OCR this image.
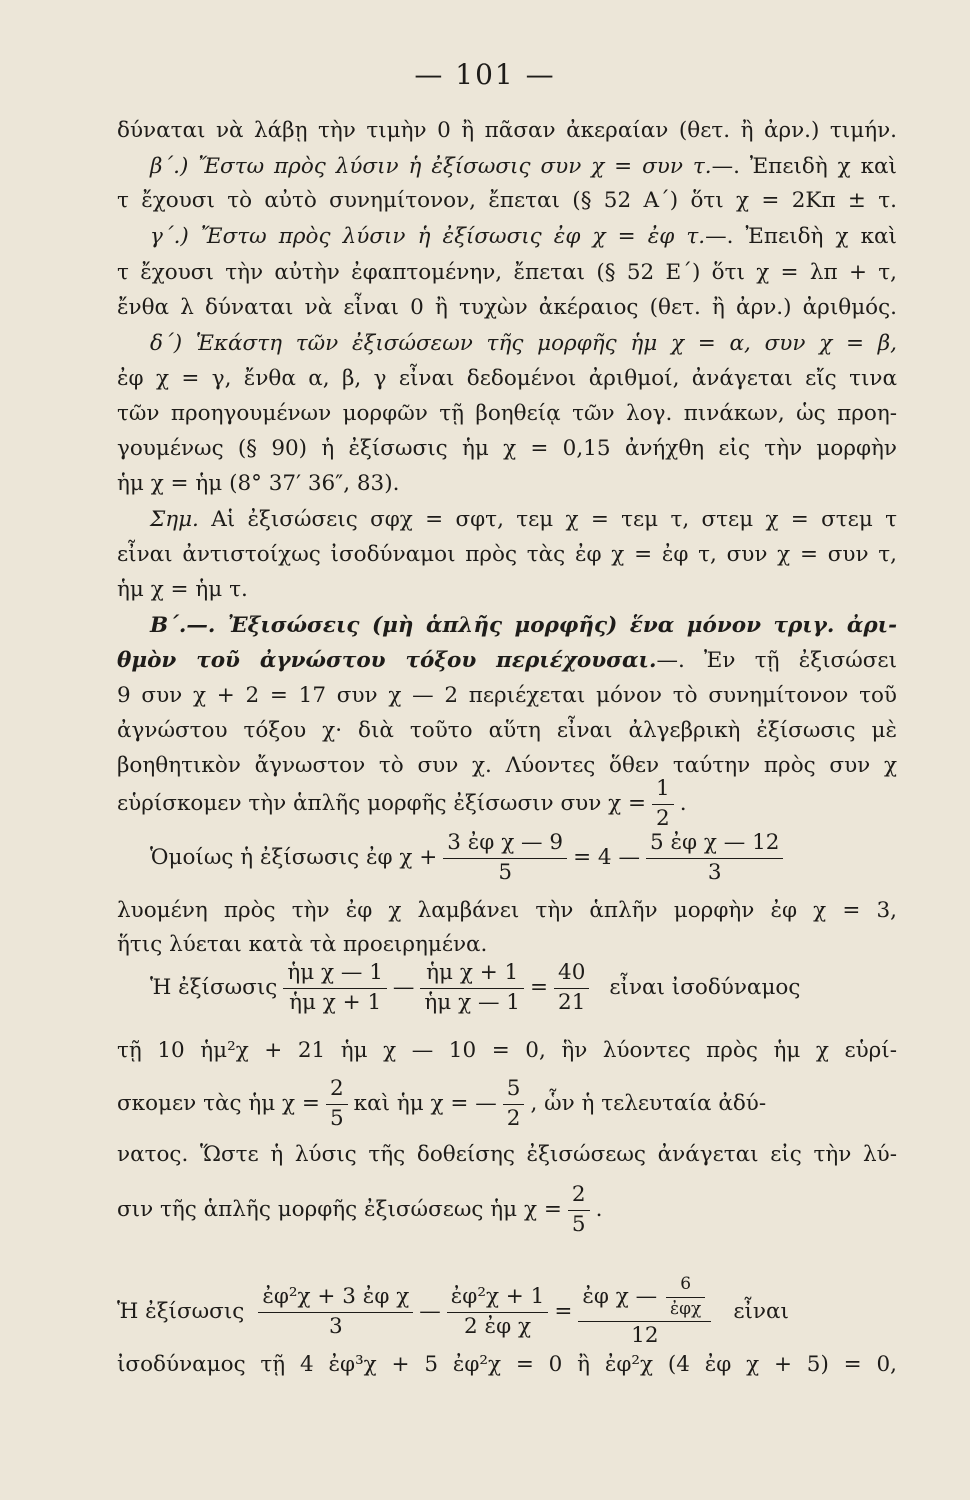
— 101 —
δύναται νὰ λάβῃ τὴν τιμὴν 0 ἢ πᾶσαν ἀκεραίαν (θετ. ἢ ἀρν.) τιμήν.
β΄.) Ἔστω πρὸς λύσιν ἡ ἐξίσωσις συν χ = συν τ.—. Ἐπειδὴ χ καὶ
τ ἔχουσι τὸ αὐτὸ συνημίτονον, ἔπεται (§ 52 Α΄) ὅτι χ = 2Κπ ± τ.
γ΄.) Ἔστω πρὸς λύσιν ἡ ἐξίσωσις ἐφ χ = ἐφ τ.—. Ἐπειδὴ χ καὶ
τ ἔχουσι τὴν αὐτὴν ἐφαπτομένην, ἔπεται (§ 52 Ε΄) ὅτι χ = λπ + τ,
ἔνθα λ δύναται νὰ εἶναι 0 ἢ τυχὼν ἀκέραιος (θετ. ἢ ἀρν.) ἀριθμός.
δ΄) Ἑκάστη τῶν ἐξισώσεων τῆς μορφῆς ἡμ χ = α, συν χ = β,
ἐφ χ = γ, ἔνθα α, β, γ εἶναι δεδομένοι ἀριθμοί, ἀνάγεται εἴς τινα
τῶν προηγουμένων μορφῶν τῇ βοηθείᾳ τῶν λογ. πινάκων, ὡς προη-
γουμένως (§ 90) ἡ ἐξίσωσις ἡμ χ = 0,15 ἀνήχθη εἰς τὴν μορφὴν
ἡμ χ = ἡμ (8° 37′ 36″, 83).
Σημ. Αἱ ἐξισώσεις σφχ = σφτ, τεμ χ = τεμ τ, στεμ χ = στεμ τ
εἶναι ἀντιστοίχως ἰσοδύναμοι πρὸς τὰς ἐφ χ = ἐφ τ, συν χ = συν τ,
ἡμ χ = ἡμ τ.
Β΄.—. Ἐξισώσεις (μὴ ἁπλῆς μορφῆς) ἕνα μόνον τριγ. ἀρι-
θμὸν τοῦ ἀγνώστου τόξου περιέχουσαι.—. Ἐν τῇ ἐξισώσει
9 συν χ + 2 = 17 συν χ — 2 περιέχεται μόνον τὸ συνημίτονον τοῦ
ἀγνώστου τόξου χ· διὰ τοῦτο αὕτη εἶναι ἀλγεβρικὴ ἐξίσωσις μὲ
βοηθητικὸν ἄγνωστον τὸ συν χ. Λύοντες ὅθεν ταύτην πρὸς συν χ
εὑρίσκομεν τὴν ἁπλῆς μορφῆς ἐξίσωσιν συν $\chi = \frac{1}{2}$ .
Ὁμοίως ἡ ἐξίσωσις ἐφ $\chi + \frac{\text{3 ἐφ χ — 9}}{5} = 4$ — $\frac{\text{5 ἐφ χ — 12}}{3}$
λυομένη πρὸς τὴν ἐφ χ λαμβάνει τὴν ἁπλῆν μορφὴν ἐφ χ = 3,
ἥτις λύεται κατὰ τὰ προειρημένα.
Ἡ ἐξίσωσις $\frac{\text{ἡμ χ — 1}}{\text{ἡμ χ + 1}}$ — $\frac{\text{ἡμ χ + 1}}{\text{ἡμ χ — 1}} = \frac{40}{21}$ εἶναι ἰσοδύναμος
τῇ 10 ἡμ²χ + 21 ἡμ χ — 10 = 0, ἣν λύοντες πρὸς ἡμ χ εὑρί-
σκομεν τὰς ἡμ $\chi = \frac{2}{5}$ καὶ ἡμ χ = — $\frac{5}{2}$ , ὧν ἡ τελευταία ἀδύ-
νατος. Ὥστε ἡ λύσις τῆς δοθείσης ἐξισώσεως ἀνάγεται εἰς τὴν λύ-
σιν τῆς ἁπλῆς μορφῆς ἐξισώσεως ἡμ $\chi = \frac{2}{5}$ .
Ἡ ἐξίσωσις $\frac{\text{ἐφ²χ + 3 ἐφ χ}}{3}$ — $\frac{\text{ἐφ²χ + 1}}{\text{2 ἐφ χ}} = \frac{ἐ\varphi \chi — \frac{6}{\text{ἐφχ}}}{12}$ εἶναι
ἰσοδύναμος τῇ 4 ἐφ³χ + 5 ἐφ²χ = 0 ἢ ἐφ²χ (4 ἐφ χ + 5) = 0,
